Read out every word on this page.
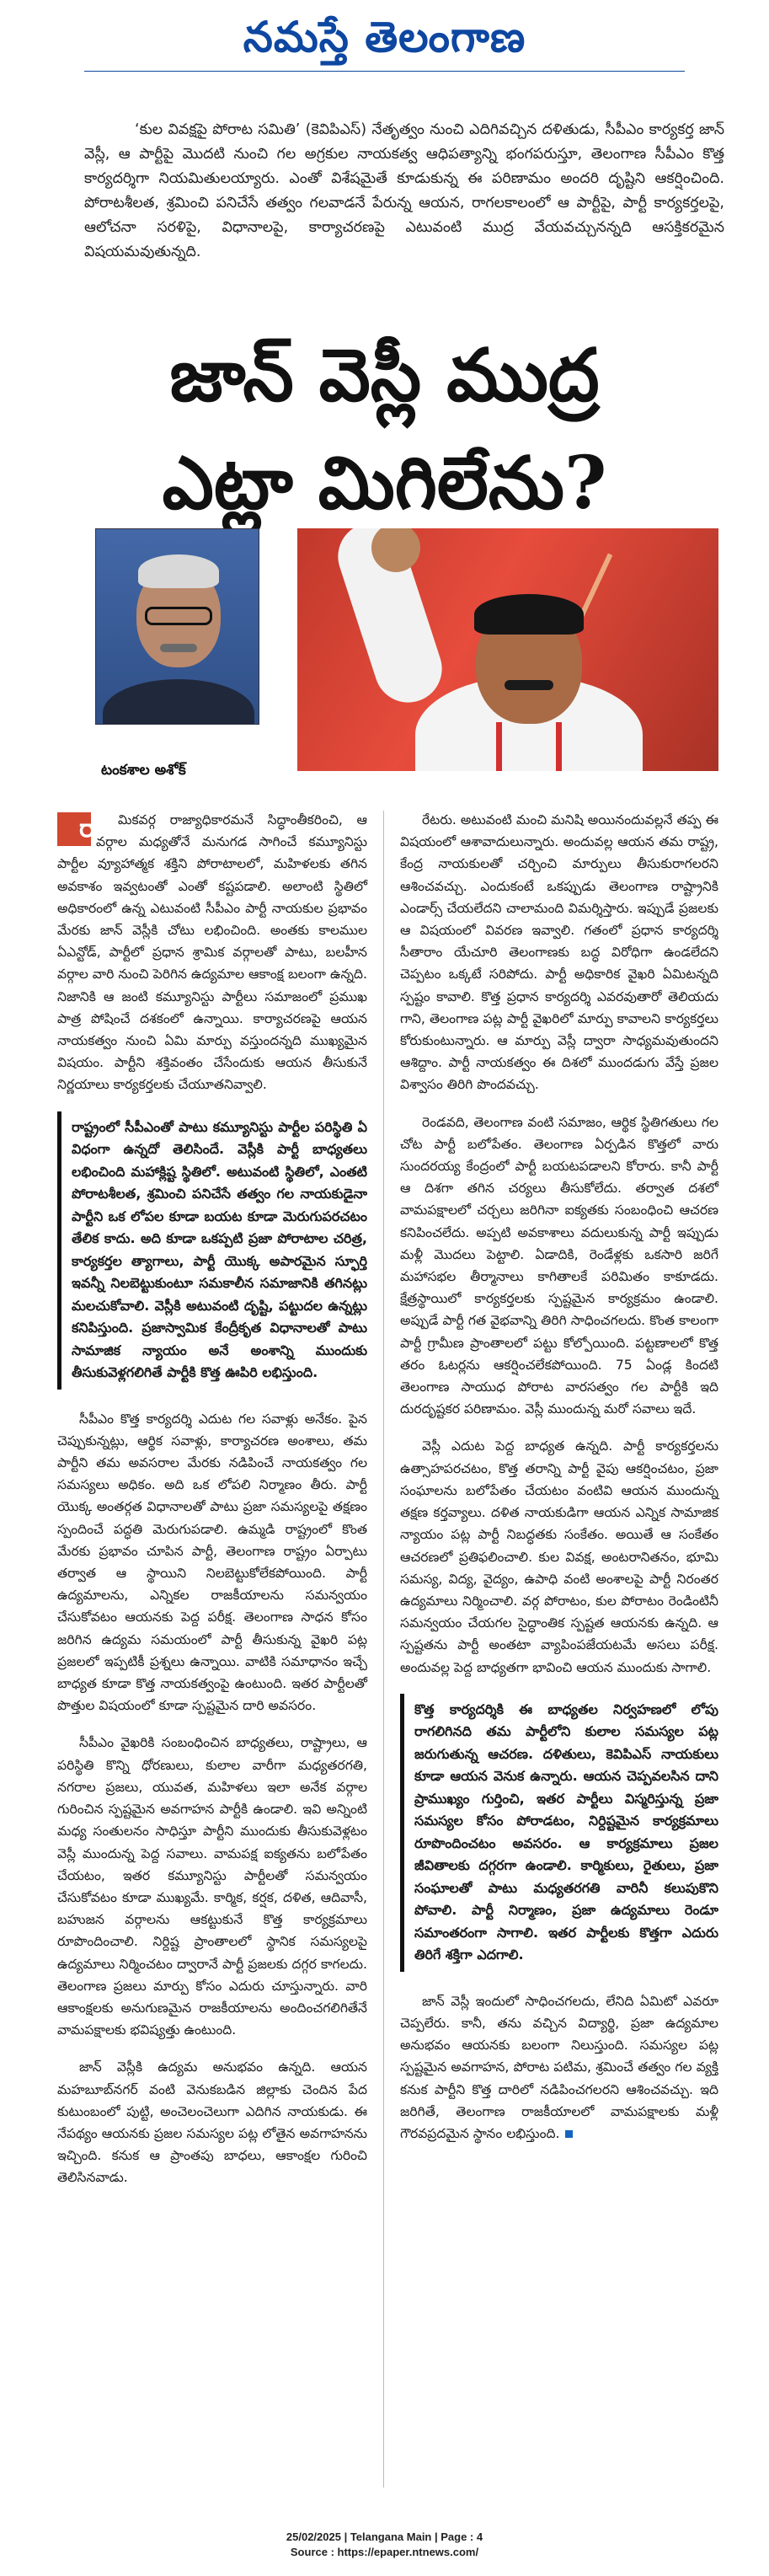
నమస్తే తెలంగాణ
‘కుల వివక్షపై పోరాట సమితి’ (కెవిపిఎస్‌) నేతృత్వం నుంచి ఎదిగివచ్చిన దళితుడు, సీపీఎం కార్యకర్త జాన్ వెస్లీ, ఆ పార్టీపై మొదటి నుంచి గల అగ్రకుల నాయకత్వ ఆధిపత్యాన్ని భంగపరుస్తూ, తెలంగాణ సీపీఎం కొత్త కార్యదర్శిగా నియమితులయ్యారు. ఎంతో విశేషమైతే కూడుకున్న ఈ పరిణామం అందరి దృష్టిని ఆకర్షించింది. పోరాటశీలత, శ్రమించి పనిచేసే తత్వం గలవాడనే పేరున్న ఆయన, రాగలకాలంలో ఆ పార్టీపై, పార్టీ కార్యకర్తలపై, ఆలోచనా సరళిపై, విధానాలపై, కార్యాచరణపై ఎటువంటి ముద్ర వేయవచ్చునన్నది ఆసక్తికరమైన విషయమవుతున్నది.
జాన్ వెస్లీ ముద్ర
ఎట్లా మిగిలేను?
టంకశాల అశోక్

రా మికవర్గ రాజ్యాధికారమనే సిద్ధాంతీకరించి, ఆ వర్గాల మధ్యతోనే మనుగడ సాగించే కమ్యూనిస్టు పార్టీల వ్యూహాత్మక శక్తిని పోరాటాలలో, మహిళలకు తగిన అవకాశం ఇవ్వటంతో ఎంతో కష్టపడాలి. అలాంటి స్థితిలో అధికారంలో ఉన్న ఎటువంటి సీపీఎం పార్టీ నాయకుల ప్రభావం మేరకు జాన్ వెస్లీకి చోటు లభించింది. అంతకు కాలముల ఏఎన్టోడ్, పార్టీలో ప్రధాన శ్రామిక వర్గాలతో పాటు, బలహీన వర్గాల వారి నుంచి పెరిగిన ఉద్యమాల ఆకాంక్ష బలంగా ఉన్నది. నిజానికి ఆ జంటి కమ్యూనిస్టు పార్టీలు సమాజంలో ప్రముఖ పాత్ర పోషించే దశకంలో ఉన్నాయి. కార్యాచరణపై ఆయన నాయకత్వం నుంచి ఏమి మార్పు వస్తుందన్నది ముఖ్యమైన విషయం. పార్టీని శక్తివంతం చేసేందుకు ఆయన తీసుకునే నిర్ణయాలు కార్యకర్తలకు చేయూతనివ్వాలి.

రాష్ట్రంలో సీపీఎంతో పాటు కమ్యూనిస్టు పార్టీల పరిస్థితి ఏ విధంగా ఉన్నదో తెలిసిందే. వెస్లీకి పార్టీ బాధ్యతలు లభించింది మహాక్లిష్ట స్థితిలో. అటువంటి స్థితిలో, ఎంతటి పోరాటశీలత, శ్రమించి పనిచేసే తత్వం గల నాయకుడైనా పార్టీని ఒక లోపల కూడా బయట కూడా మెరుగుపరచటం తేలిక కాదు. అది కూడా ఒకప్పటి ప్రజా పోరాటాల చరిత్ర, కార్యకర్తల త్యాగాలు, పార్టీ యొక్క అపారమైన స్ఫూర్తి ఇవన్నీ నిలబెట్టుకుంటూ సమకాలీన సమాజానికి తగినట్లు మలచుకోవాలి. వెస్లీకి అటువంటి దృష్టి, పట్టుదల ఉన్నట్లు కనిపిస్తుంది. ప్రజాస్వామిక కేంద్రీకృత విధానాలతో పాటు సామాజిక న్యాయం అనే అంశాన్ని ముందుకు తీసుకువెళ్లగలిగితే పార్టీకి కొత్త ఊపిరి లభిస్తుంది.

సీపీఎం కొత్త కార్యదర్శి ఎదుట గల సవాళ్లు అనేకం. పైన చెప్పుకున్నట్లు, ఆర్థిక సవాళ్లు, కార్యాచరణ అంశాలు, తమ పార్టీని తమ అవసరాల మేరకు నడిపించే నాయకత్వం గల సమస్యలు అధికం. అది ఒక లోపలి నిర్మాణం తీరు. పార్టీ యొక్క అంతర్గత విధానాలతో పాటు ప్రజా సమస్యలపై తక్షణం స్పందించే పద్ధతి మెరుగుపడాలి. ఉమ్మడి రాష్ట్రంలో కొంత మేరకు ప్రభావం చూపిన పార్టీ, తెలంగాణ రాష్ట్రం ఏర్పాటు తర్వాత ఆ స్థాయిని నిలబెట్టుకోలేకపోయింది. పార్టీ ఉద్యమాలను, ఎన్నికల రాజకీయాలను సమన్వయం చేసుకోవటం ఆయనకు పెద్ద పరీక్ష. తెలంగాణ సాధన కోసం జరిగిన ఉద్యమ సమయంలో పార్టీ తీసుకున్న వైఖరి పట్ల ప్రజలలో ఇప్పటికీ ప్రశ్నలు ఉన్నాయి. వాటికి సమాధానం ఇచ్చే బాధ్యత కూడా కొత్త నాయకత్వంపై ఉంటుంది. ఇతర పార్టీలతో పొత్తుల విషయంలో కూడా స్పష్టమైన దారి అవసరం.

సీపీఎం వైఖరికి సంబంధించిన బాధ్యతలు, రాష్ట్రాలు, ఆ పరిస్థితి కొన్ని ధోరణులు, కులాల వారీగా మధ్యతరగతి, నగరాల ప్రజలు, యువత, మహిళలు ఇలా అనేక వర్గాల గురించిన స్పష్టమైన అవగాహన పార్టీకి ఉండాలి. ఇవి అన్నింటి మధ్య సంతులనం సాధిస్తూ పార్టీని ముందుకు తీసుకువెళ్లటం వెస్లీ ముందున్న పెద్ద సవాలు. వామపక్ష ఐక్యతను బలోపేతం చేయటం, ఇతర కమ్యూనిస్టు పార్టీలతో సమన్వయం చేసుకోవటం కూడా ముఖ్యమే. కార్మిక, కర్షక, దళిత, ఆదివాసీ, బహుజన వర్గాలను ఆకట్టుకునే కొత్త కార్యక్రమాలు రూపొందించాలి. నిర్దిష్ట ప్రాంతాలలో స్థానిక సమస్యలపై ఉద్యమాలు నిర్మించటం ద్వారానే పార్టీ ప్రజలకు దగ్గర కాగలదు. తెలంగాణ ప్రజలు మార్పు కోసం ఎదురు చూస్తున్నారు. వారి ఆకాంక్షలకు అనుగుణమైన రాజకీయాలను అందించగలిగితేనే వామపక్షాలకు భవిష్యత్తు ఉంటుంది.

జాన్ వెస్లీకి ఉద్యమ అనుభవం ఉన్నది. ఆయన మహబూబ్‌నగర్ వంటి వెనుకబడిన జిల్లాకు చెందిన పేద కుటుంబంలో పుట్టి, అంచెలంచెలుగా ఎదిగిన నాయకుడు. ఈ నేపథ్యం ఆయనకు ప్రజల సమస్యల పట్ల లోతైన అవగాహనను ఇచ్చింది. కనుక ఆ ప్రాంతపు బాధలు, ఆకాంక్షల గురించి తెలిసినవాడు.

రేటరు. అటువంటి మంచి మనిషి అయినందువల్లనే తప్ప ఈ విషయంలో ఆశావాదులున్నారు. అందువల్ల ఆయన తమ రాష్ట్ర, కేంద్ర నాయకులతో చర్చించి మార్పులు తీసుకురాగలరని ఆశించవచ్చు. ఎందుకంటే ఒకప్పుడు తెలంగాణ రాష్ట్రానికి ఎండార్స్ చేయలేదని చాలామంది విమర్శిస్తారు. ఇప్పుడే ప్రజలకు ఆ విషయంలో వివరణ ఇవ్వాలి. గతంలో ప్రధాన కార్యదర్శి సీతారాం యేచూరి తెలంగాణకు బద్ధ విరోధిగా ఉండలేదని చెప్పటం ఒక్కటే సరిపోదు. పార్టీ అధికారిక వైఖరి ఏమిటన్నది స్పష్టం కావాలి. కొత్త ప్రధాన కార్యదర్శి ఎవరవుతారో తెలియదు గాని, తెలంగాణ పట్ల పార్టీ వైఖరిలో మార్పు కావాలని కార్యకర్తలు కోరుకుంటున్నారు. ఆ మార్పు వెస్లీ ద్వారా సాధ్యమవుతుందని ఆశిద్దాం. పార్టీ నాయకత్వం ఈ దిశలో ముందడుగు వేస్తే ప్రజల విశ్వాసం తిరిగి పొందవచ్చు.

రెండవది, తెలంగాణ వంటి సమాజం, ఆర్థిక స్థితిగతులు గల చోట పార్టీ బలోపేతం. తెలంగాణ ఏర్పడిన కొత్తలో వారు సుందరయ్య కేంద్రంలో పార్టీ బయటపడాలని కోరారు. కానీ పార్టీ ఆ దిశగా తగిన చర్యలు తీసుకోలేదు. తర్వాత దశలో వామపక్షాలలో చర్చలు జరిగినా ఐక్యతకు సంబంధించి ఆచరణ కనిపించలేదు. అప్పటి అవకాశాలు వదులుకున్న పార్టీ ఇప్పుడు మళ్లీ మొదలు పెట్టాలి. ఏడాదికి, రెండేళ్లకు ఒకసారి జరిగే మహాసభల తీర్మానాలు కాగితాలకే పరిమితం కాకూడదు. క్షేత్రస్థాయిలో కార్యకర్తలకు స్పష్టమైన కార్యక్రమం ఉండాలి. అప్పుడే పార్టీ గత వైభవాన్ని తిరిగి సాధించగలదు. కొంత కాలంగా పార్టీ గ్రామీణ ప్రాంతాలలో పట్టు కోల్పోయింది. పట్టణాలలో కొత్త తరం ఓటర్లను ఆకర్షించలేకపోయింది. 75 ఏండ్ల కిందటి తెలంగాణ సాయుధ పోరాట వారసత్వం గల పార్టీకి ఇది దురదృష్టకర పరిణామం. వెస్లీ ముందున్న మరో సవాలు ఇదే.

వెస్లీ ఎదుట పెద్ద బాధ్యత ఉన్నది. పార్టీ కార్యకర్తలను ఉత్సాహపరచటం, కొత్త తరాన్ని పార్టీ వైపు ఆకర్షించటం, ప్రజా సంఘాలను బలోపేతం చేయటం వంటివి ఆయన ముందున్న తక్షణ కర్తవ్యాలు. దళిత నాయకుడిగా ఆయన ఎన్నిక సామాజిక న్యాయం పట్ల పార్టీ నిబద్ధతకు సంకేతం. అయితే ఆ సంకేతం ఆచరణలో ప్రతిఫలించాలి. కుల వివక్ష, అంటరానితనం, భూమి సమస్య, విద్య, వైద్యం, ఉపాధి వంటి అంశాలపై పార్టీ నిరంతర ఉద్యమాలు నిర్మించాలి. వర్గ పోరాటం, కుల పోరాటం రెండింటినీ సమన్వయం చేయగల సైద్ధాంతిక స్పష్టత ఆయనకు ఉన్నది. ఆ స్పష్టతను పార్టీ అంతటా వ్యాపింపజేయటమే అసలు పరీక్ష. అందువల్ల పెద్ద బాధ్యతగా భావించి ఆయన ముందుకు సాగాలి.

కొత్త కార్యదర్శికి ఈ బాధ్యతల నిర్వహణలో లోపు రాగలిగినది తమ పార్టీలోని కులాల సమస్యల పట్ల జరుగుతున్న ఆచరణ. దళితులు, కెవిపిఎస్ నాయకులు కూడా ఆయన వెనుక ఉన్నారు. ఆయన చెప్పవలసిన దాని ప్రాముఖ్యం గుర్తించి, ఇతర పార్టీలు విస్మరిస్తున్న ప్రజా సమస్యల కోసం పోరాడటం, నిర్దిష్టమైన కార్యక్రమాలు రూపొందించటం అవసరం. ఆ కార్యక్రమాలు ప్రజల జీవితాలకు దగ్గరగా ఉండాలి. కార్మికులు, రైతులు, ప్రజా సంఘాలతో పాటు మధ్యతరగతి వారినీ కలుపుకొని పోవాలి. పార్టీ నిర్మాణం, ప్రజా ఉద్యమాలు రెండూ సమాంతరంగా సాగాలి. ఇతర పార్టీలకు కొత్తగా ఎదురు తిరిగే శక్తిగా ఎదగాలి.

జాన్ వెస్లీ ఇందులో సాధించగలదు, లేనిది ఏమిటో ఎవరూ చెప్పలేరు. కానీ, తను వచ్చిన విద్యార్థి, ప్రజా ఉద్యమాల అనుభవం ఆయనకు బలంగా నిలుస్తుంది. సమస్యల పట్ల స్పష్టమైన అవగాహన, పోరాట పటిమ, శ్రమించే తత్వం గల వ్యక్తి కనుక పార్టీని కొత్త దారిలో నడిపించగలరని ఆశించవచ్చు. ఇది జరిగితే, తెలంగాణ రాజకీయాలలో వామపక్షాలకు మళ్లీ గౌరవప్రదమైన స్థానం లభిస్తుంది.

25/02/2025 | Telangana Main | Page : 4
Source : https://epaper.ntnews.com/
